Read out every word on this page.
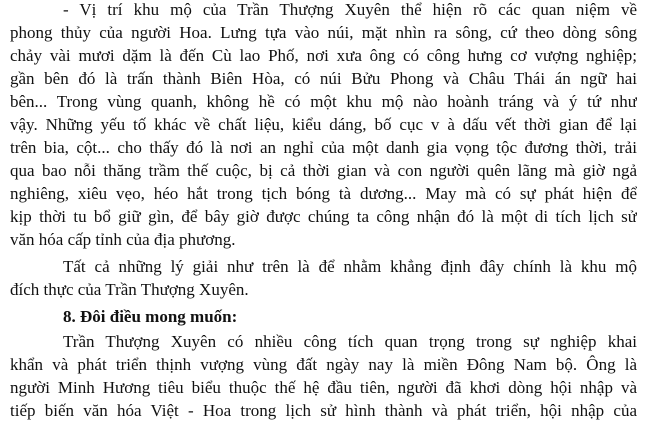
- Vị trí khu mộ của Trần Thượng Xuyên thể hiện rõ các quan niệm về
phong thủy của người Hoa. Lưng tựa vào núi, mặt nhìn ra sông, cứ theo dòng sông
chảy vài mươi dặm là đến Cù lao Phố, nơi xưa ông có công hưng cơ vượng nghiệp;
gần bên đó là trấn thành Biên Hòa, có núi Bửu Phong và Châu Thái án ngữ hai
bên... Trong vùng quanh, không hề có một khu mộ nào hoành tráng và ý tứ như
vậy. Những yếu tố khác về chất liệu, kiểu dáng, bố cục v à dấu vết thời gian để lại
trên bia, cột... cho thấy đó là nơi an nghỉ của một danh gia vọng tộc đương thời, trải
qua bao nỗi thăng trầm thế cuộc, bị cả thời gian và con người quên lãng mà giờ ngả
nghiêng, xiêu vẹo, héo hắt trong tịch bóng tà dương... May mà có sự phát hiện để
kịp thời tu bổ giữ gìn, để bây giờ được chúng ta công nhận đó là một di tích lịch sử
văn hóa cấp tỉnh của địa phương.
Tất cả những lý giải như trên là để nhằm khẳng định đây chính là khu mộ
đích thực của Trần Thượng Xuyên.
8. Đôi điều mong muốn:
Trần Thượng Xuyên có nhiều công tích quan trọng trong sự nghiệp khai
khẩn và phát triển thịnh vượng vùng đất ngày nay là miền Đông Nam bộ. Ông là
người Minh Hương tiêu biểu thuộc thế hệ đầu tiên, người đã khơi dòng hội nhập và
tiếp biến văn hóa Việt - Hoa trong lịch sử hình thành và phát triển, hội nhập của
